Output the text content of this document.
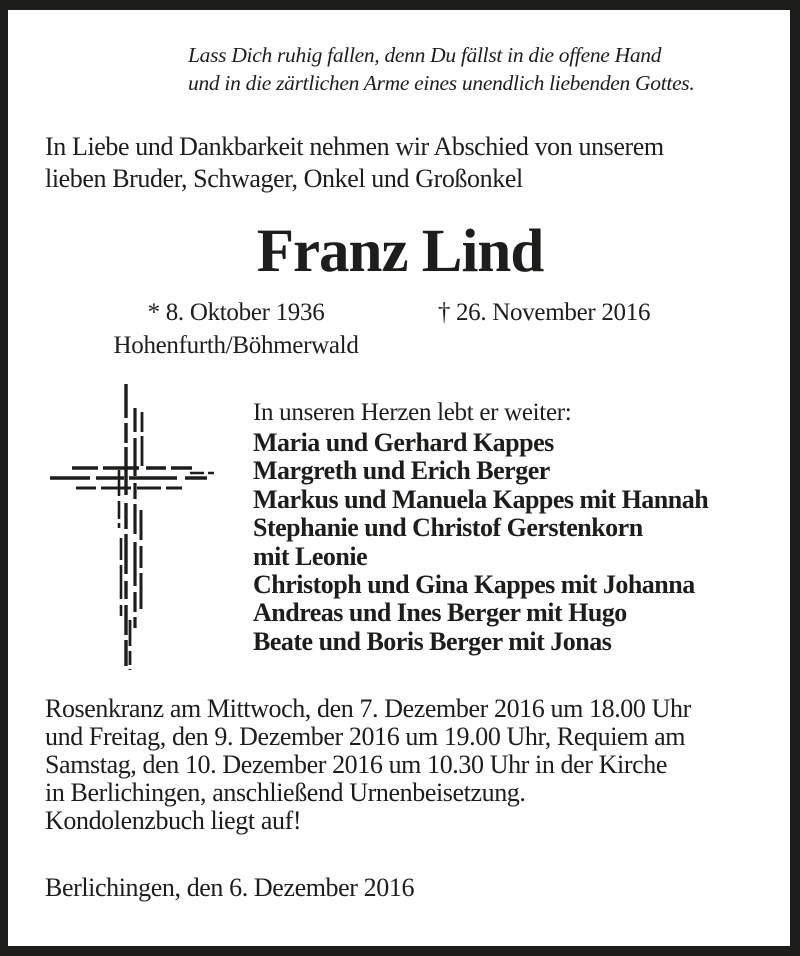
Lass Dich ruhig fallen, denn Du fällst in die offene Hand
und in die zärtlichen Arme eines unendlich liebenden Gottes.
In Liebe und Dankbarkeit nehmen wir Abschied von unserem
lieben Bruder, Schwager, Onkel und Großonkel
Franz Lind
* 8. Oktober 1936
Hohenfurth/Böhmerwald
† 26. November 2016
In unseren Herzen lebt er weiter:
Maria und Gerhard Kappes
Margreth und Erich Berger
Markus und Manuela Kappes mit Hannah
Stephanie und Christof Gerstenkorn
mit Leonie
Christoph und Gina Kappes mit Johanna
Andreas und Ines Berger mit Hugo
Beate und Boris Berger mit Jonas
Rosenkranz am Mittwoch, den 7. Dezember 2016 um 18.00 Uhr
und Freitag, den 9. Dezember 2016 um 19.00 Uhr, Requiem am
Samstag, den 10. Dezember 2016 um 10.30 Uhr in der Kirche
in Berlichingen, anschließend Urnenbeisetzung.
Kondolenzbuch liegt auf!
Berlichingen, den 6. Dezember 2016
